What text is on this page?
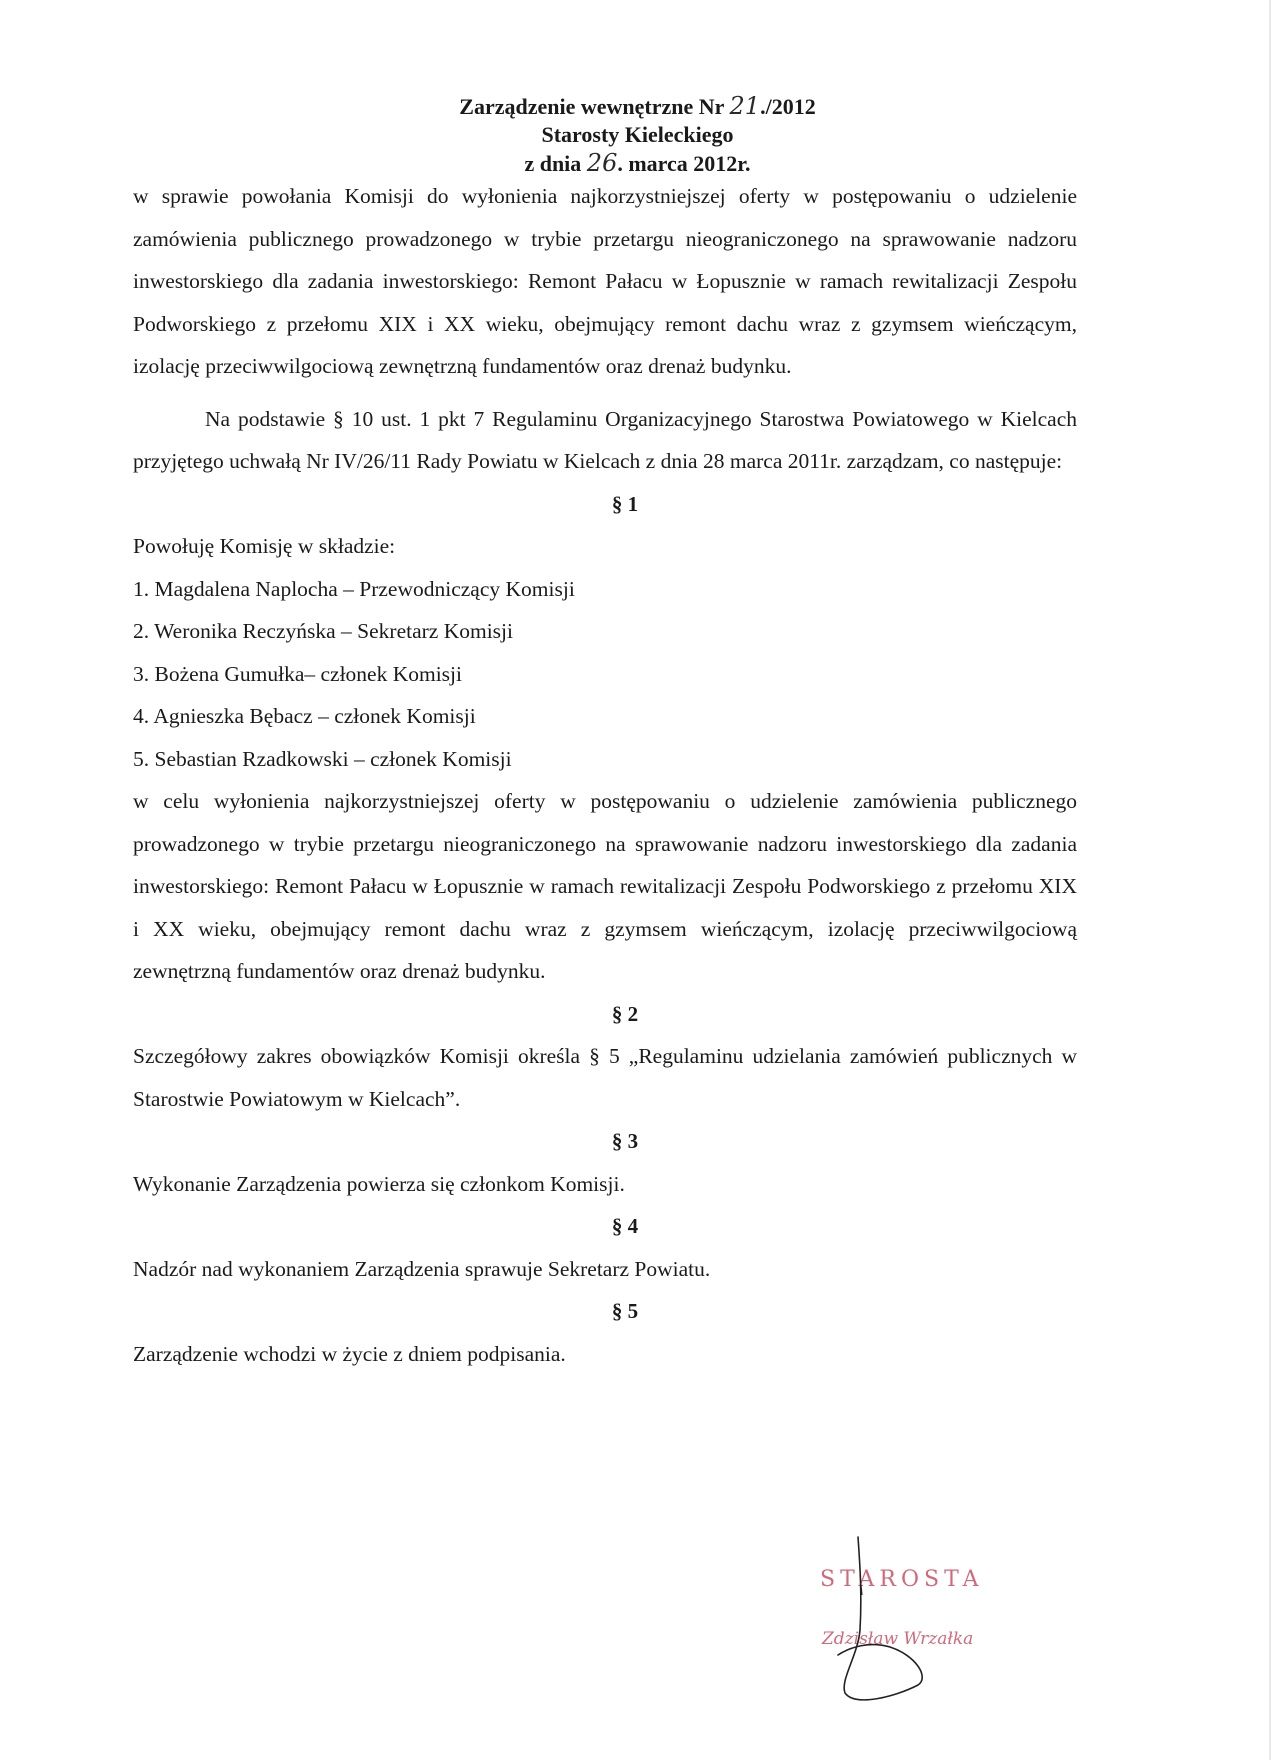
Zarządzenie wewnętrzne Nr 21./2012
Starosty Kieleckiego
z dnia 26. marca 2012r.

w sprawie powołania Komisji do wyłonienia najkorzystniejszej oferty w postępowaniu o udzielenie zamówienia publicznego prowadzonego w trybie przetargu nieograniczonego na sprawowanie nadzoru inwestorskiego dla zadania inwestorskiego: Remont Pałacu w Łopusznie w ramach rewitalizacji Zespołu Podworskiego z przełomu XIX i XX wieku, obejmujący remont dachu wraz z gzymsem wieńczącym, izolację przeciwwilgociową zewnętrzną fundamentów oraz drenaż budynku.

Na podstawie § 10 ust. 1 pkt 7 Regulaminu Organizacyjnego Starostwa Powiatowego w Kielcach przyjętego uchwałą Nr IV/26/11 Rady Powiatu w Kielcach z dnia 28 marca 2011r. zarządzam, co następuje:

§ 1

Powołuję Komisję w składzie:

1. Magdalena Naplocha – Przewodniczący Komisji

2. Weronika Reczyńska – Sekretarz Komisji

3. Bożena Gumułka– członek Komisji

4. Agnieszka Bębacz – członek Komisji

5. Sebastian Rzadkowski – członek Komisji

w celu wyłonienia najkorzystniejszej oferty w postępowaniu o udzielenie zamówienia publicznego prowadzonego w trybie przetargu nieograniczonego na sprawowanie nadzoru inwestorskiego dla zadania inwestorskiego: Remont Pałacu w Łopusznie w ramach rewitalizacji Zespołu Podworskiego z przełomu XIX i XX wieku, obejmujący remont dachu wraz z gzymsem wieńczącym, izolację przeciwwilgociową zewnętrzną fundamentów oraz drenaż budynku.

§ 2

Szczegółowy zakres obowiązków Komisji określa § 5 „Regulaminu udzielania zamówień publicznych w Starostwie Powiatowym w Kielcach”.

§ 3

Wykonanie Zarządzenia powierza się członkom Komisji.

§ 4

Nadzór nad wykonaniem Zarządzenia sprawuje Sekretarz Powiatu.

§ 5

Zarządzenie wchodzi w życie z dniem podpisania.

STAROSTA
Zdzisław Wrzałka
